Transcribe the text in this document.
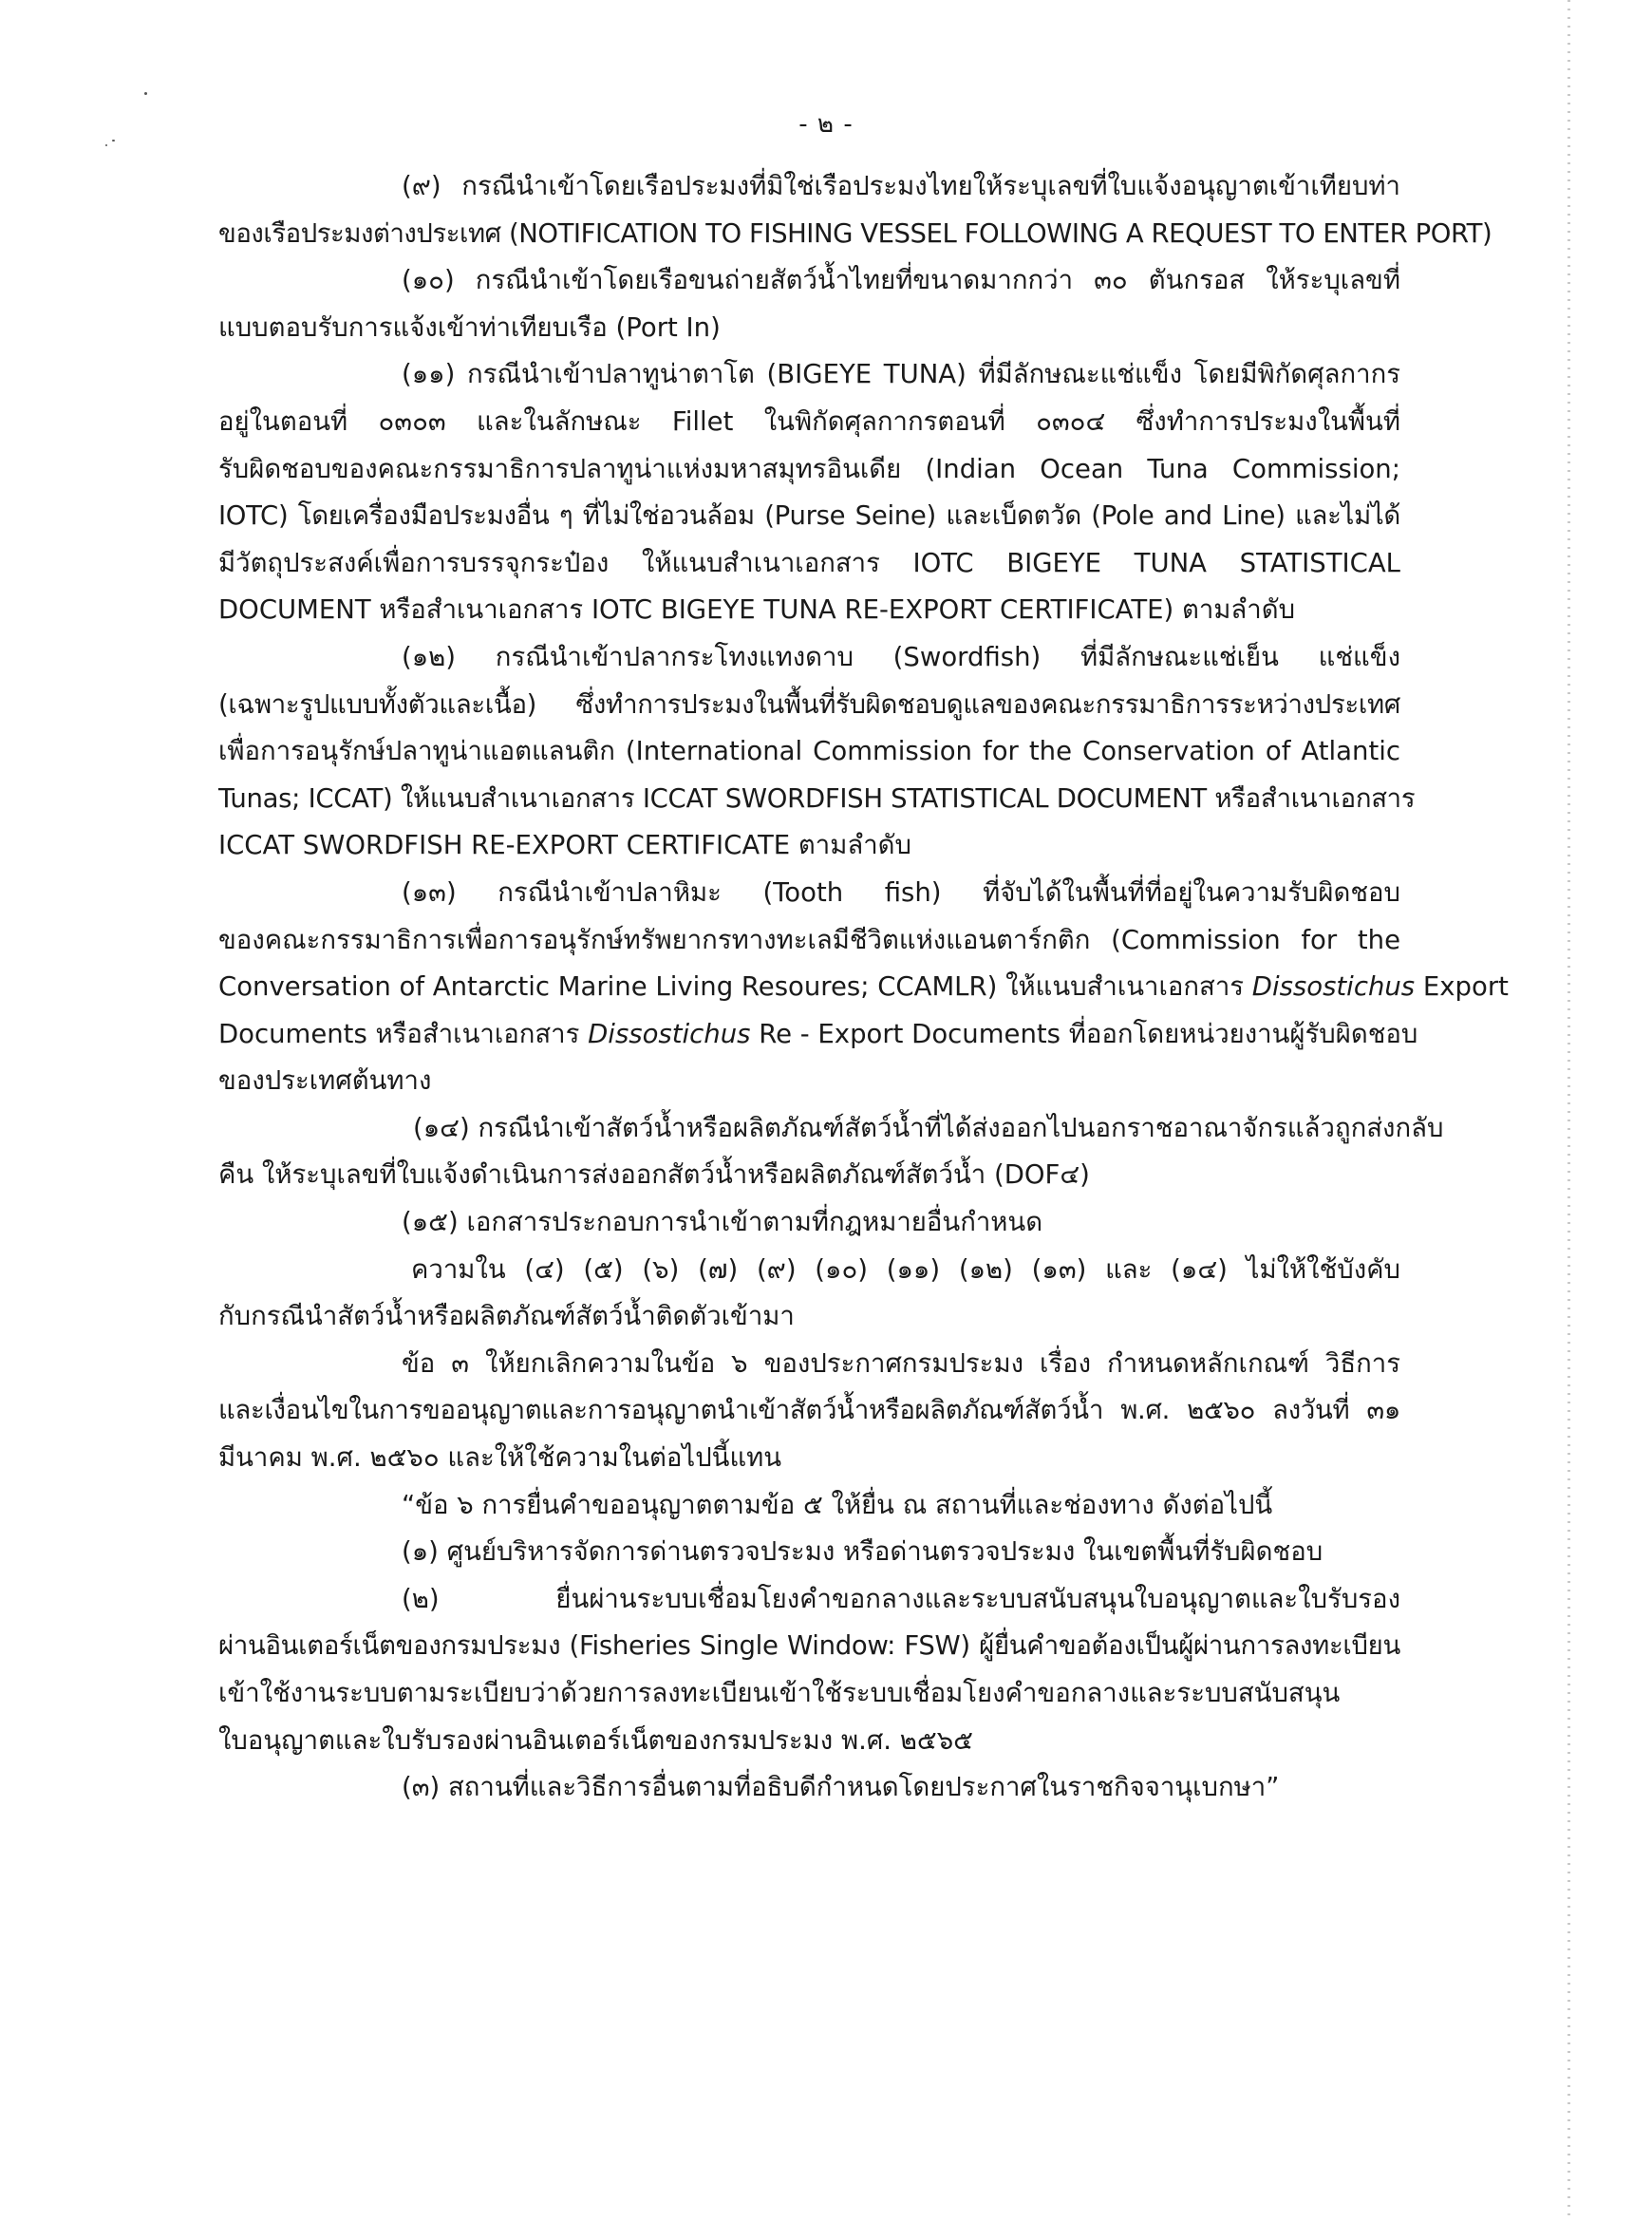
- ๒ -
(๙) กรณีนำเข้าโดยเรือประมงที่มิใช่เรือประมงไทยให้ระบุเลขที่ใบแจ้งอนุญาตเข้าเทียบท่า
ของเรือประมงต่างประเทศ (NOTIFICATION TO FISHING VESSEL FOLLOWING A REQUEST TO ENTER PORT)
(๑๐) กรณีนำเข้าโดยเรือขนถ่ายสัตว์น้ำไทยที่ขนาดมากกว่า ๓๐ ตันกรอส ให้ระบุเลขที่
แบบตอบรับการแจ้งเข้าท่าเทียบเรือ (Port In)
(๑๑) กรณีนำเข้าปลาทูน่าตาโต (BIGEYE TUNA) ที่มีลักษณะแช่แข็ง โดยมีพิกัดศุลกากร
อยู่ในตอนที่ ๐๓๐๓ และในลักษณะ Fillet ในพิกัดศุลกากรตอนที่ ๐๓๐๔ ซึ่งทำการประมงในพื้นที่
รับผิดชอบของคณะกรรมาธิการปลาทูน่าแห่งมหาสมุทรอินเดีย (Indian Ocean Tuna Commission;
IOTC) โดยเครื่องมือประมงอื่น ๆ ที่ไม่ใช่อวนล้อม (Purse Seine) และเบ็ดตวัด (Pole and Line) และไม่ได้
มีวัตถุประสงค์เพื่อการบรรจุกระป๋อง ให้แนบสำเนาเอกสาร IOTC BIGEYE TUNA STATISTICAL
DOCUMENT หรือสำเนาเอกสาร IOTC BIGEYE TUNA RE-EXPORT CERTIFICATE) ตามลำดับ
(๑๒) กรณีนำเข้าปลากระโทงแทงดาบ (Swordfish) ที่มีลักษณะแช่เย็น แช่แข็ง
(เฉพาะรูปแบบทั้งตัวและเนื้อ) ซึ่งทำการประมงในพื้นที่รับผิดชอบดูแลของคณะกรรมาธิการระหว่างประเทศ
เพื่อการอนุรักษ์ปลาทูน่าแอตแลนติก (International Commission for the Conservation of Atlantic
Tunas; ICCAT) ให้แนบสำเนาเอกสาร ICCAT SWORDFISH STATISTICAL DOCUMENT หรือสำเนาเอกสาร
ICCAT SWORDFISH RE-EXPORT CERTIFICATE ตามลำดับ
(๑๓) กรณีนำเข้าปลาหิมะ (Tooth fish) ที่จับได้ในพื้นที่ที่อยู่ในความรับผิดชอบ
ของคณะกรรมาธิการเพื่อการอนุรักษ์ทรัพยากรทางทะเลมีชีวิตแห่งแอนตาร์กติก (Commission for the
Conversation of Antarctic Marine Living Resoures; CCAMLR) ให้แนบสำเนาเอกสาร Dissostichus Export
Documents หรือสำเนาเอกสาร Dissostichus Re - Export Documents ที่ออกโดยหน่วยงานผู้รับผิดชอบ
ของประเทศต้นทาง
(๑๔) กรณีนำเข้าสัตว์น้ำหรือผลิตภัณฑ์สัตว์น้ำที่ได้ส่งออกไปนอกราชอาณาจักรแล้วถูกส่งกลับ
คืน ให้ระบุเลขที่ใบแจ้งดำเนินการส่งออกสัตว์น้ำหรือผลิตภัณฑ์สัตว์น้ำ (DOF๔)
(๑๕) เอกสารประกอบการนำเข้าตามที่กฎหมายอื่นกำหนด
ความใน (๔) (๕) (๖) (๗) (๙) (๑๐) (๑๑) (๑๒) (๑๓) และ (๑๔) ไม่ให้ใช้บังคับ
กับกรณีนำสัตว์น้ำหรือผลิตภัณฑ์สัตว์น้ำติดตัวเข้ามา
ข้อ ๓ ให้ยกเลิกความในข้อ ๖ ของประกาศกรมประมง เรื่อง กำหนดหลักเกณฑ์ วิธีการ
และเงื่อนไขในการขออนุญาตและการอนุญาตนำเข้าสัตว์น้ำหรือผลิตภัณฑ์สัตว์น้ำ พ.ศ. ๒๕๖๐ ลงวันที่ ๓๑
มีนาคม พ.ศ. ๒๕๖๐ และให้ใช้ความในต่อไปนี้แทน
“ข้อ ๖ การยื่นคำขออนุญาตตามข้อ ๕ ให้ยื่น ณ สถานที่และช่องทาง ดังต่อไปนี้
(๑) ศูนย์บริหารจัดการด่านตรวจประมง หรือด่านตรวจประมง ในเขตพื้นที่รับผิดชอบ
(๒) ยื่นผ่านระบบเชื่อมโยงคำขอกลางและระบบสนับสนุนใบอนุญาตและใบรับรอง
ผ่านอินเตอร์เน็ตของกรมประมง (Fisheries Single Window: FSW) ผู้ยื่นคำขอต้องเป็นผู้ผ่านการลงทะเบียน
เข้าใช้งานระบบตามระเบียบว่าด้วยการลงทะเบียนเข้าใช้ระบบเชื่อมโยงคำขอกลางและระบบสนับสนุน
ใบอนุญาตและใบรับรองผ่านอินเตอร์เน็ตของกรมประมง พ.ศ. ๒๕๖๕
(๓) สถานที่และวิธีการอื่นตามที่อธิบดีกำหนดโดยประกาศในราชกิจจานุเบกษา”
